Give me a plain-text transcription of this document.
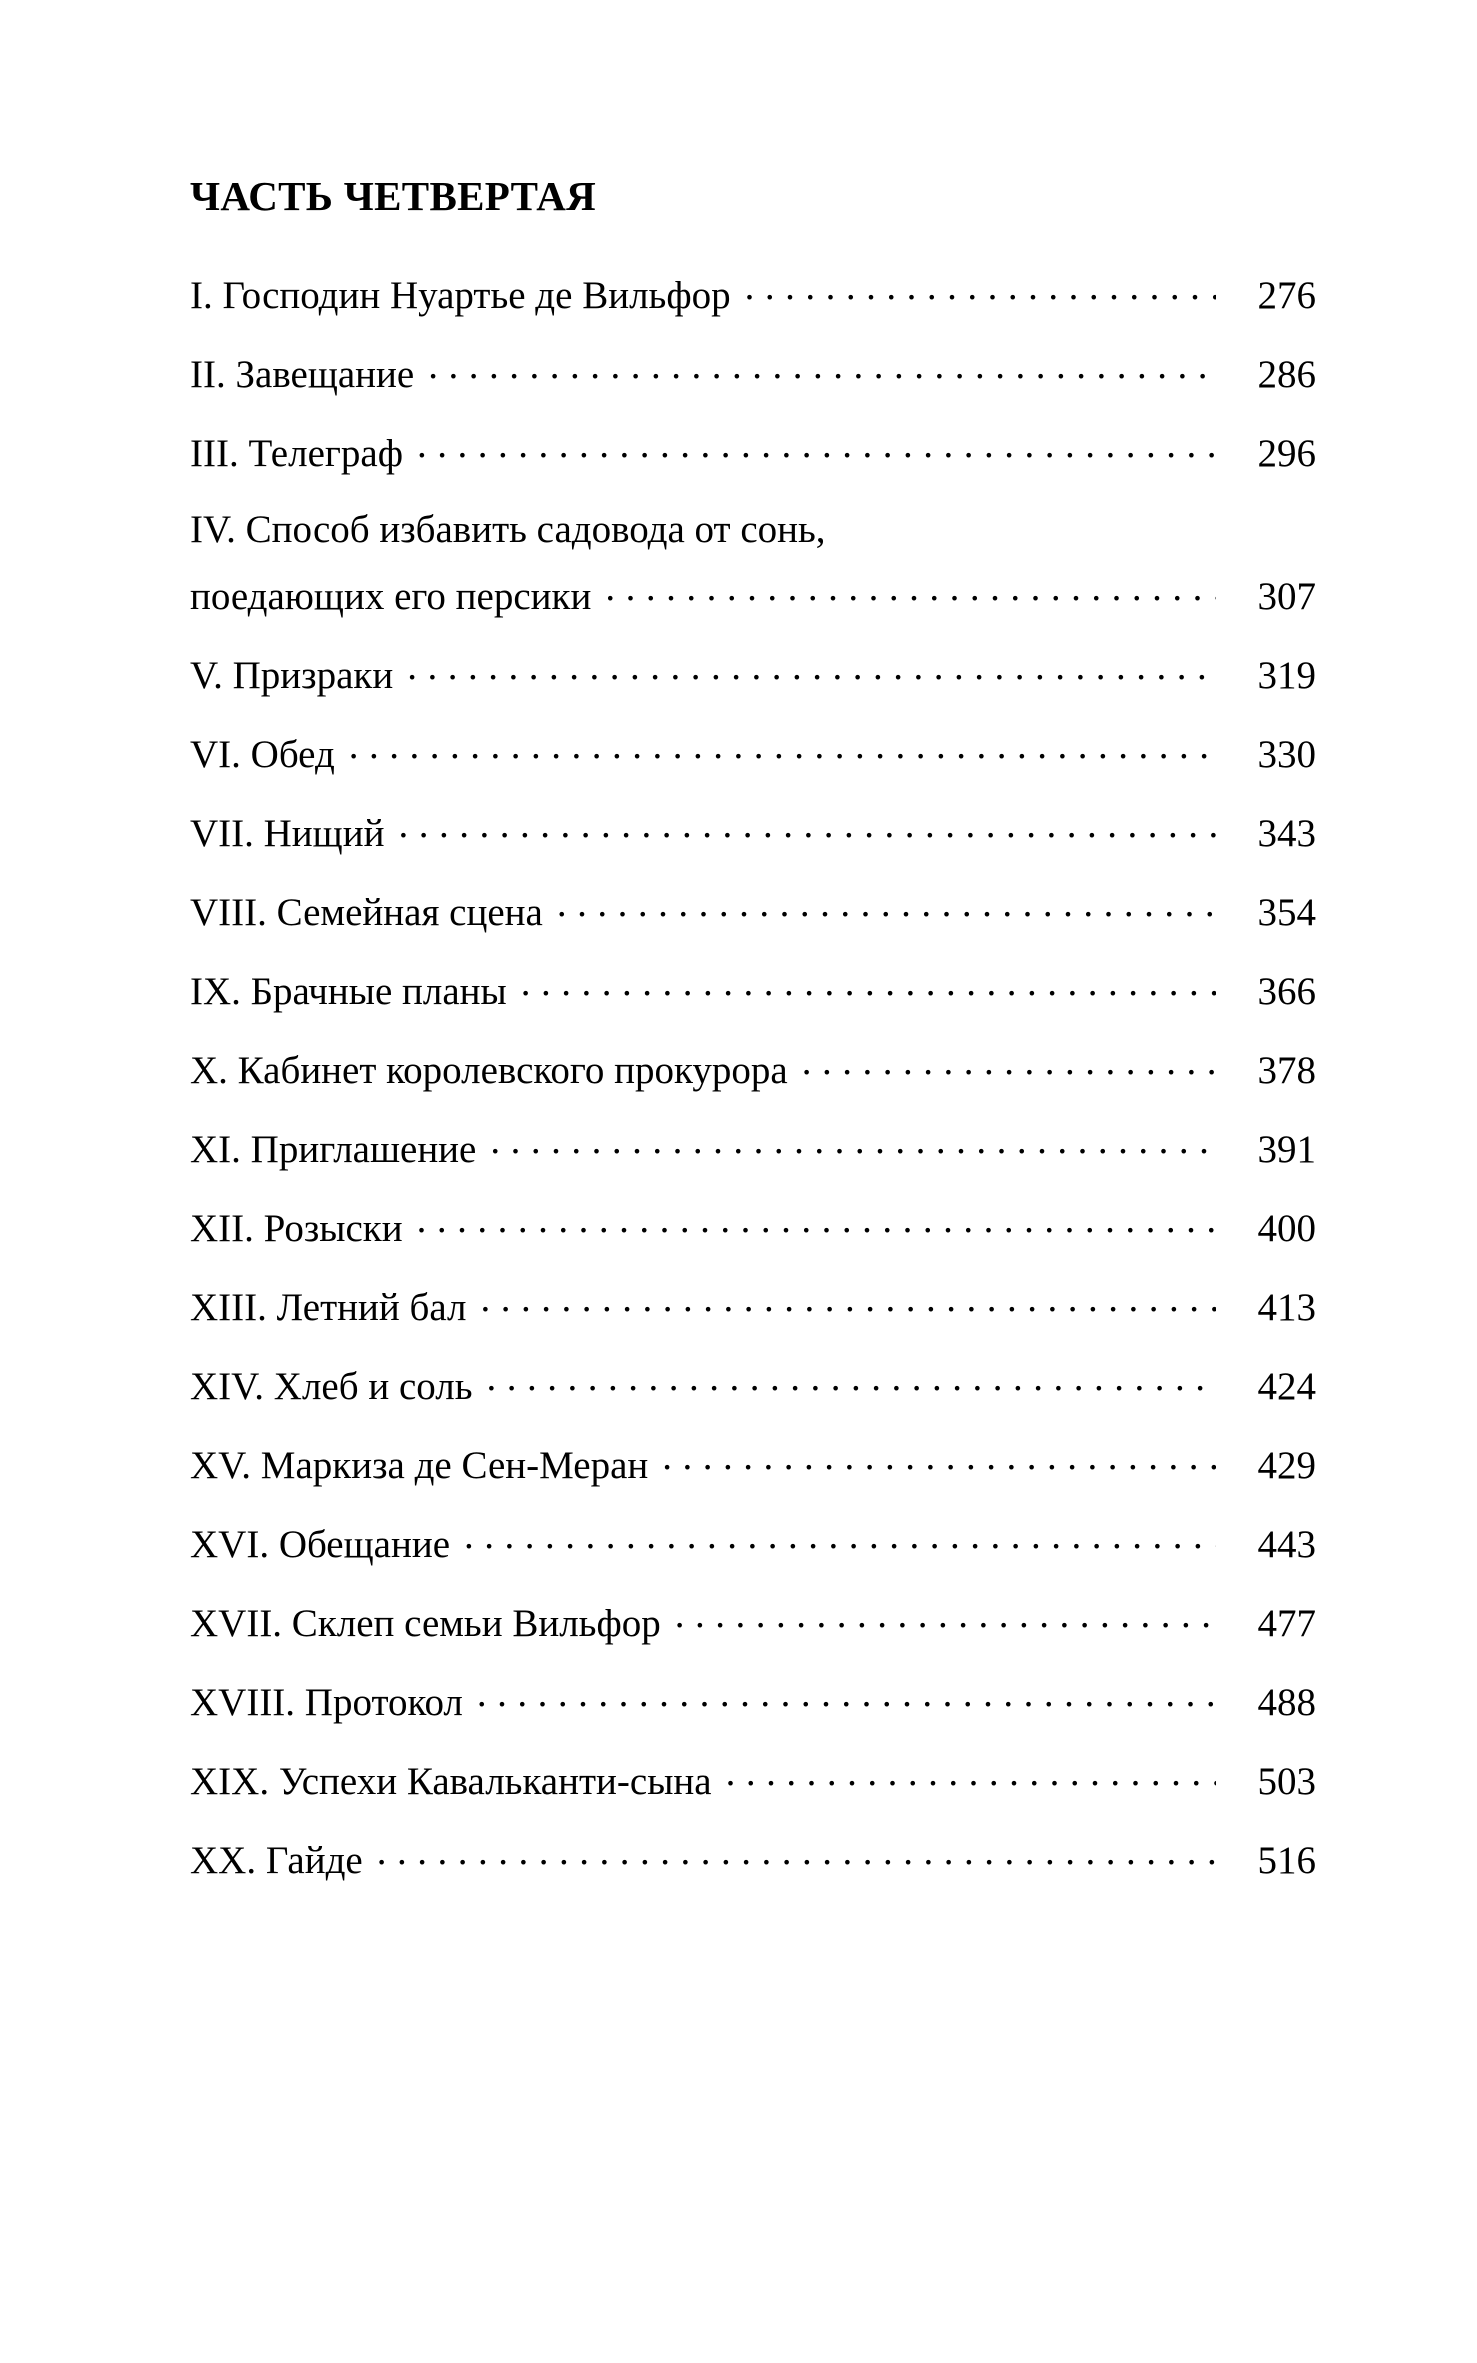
ЧАСТЬ ЧЕТВЕРТАЯ
I. Господин Нуартье де Вильфор .....	276
II. Завещание .....	286
III. Телеграф .....	296
IV. Способ избавить садовода от сонь,
поедающих его персики .....	307
V. Призраки .....	319
VI. Обед .....	330
VII. Нищий .....	343
VIII. Семейная сцена .....	354
IX. Брачные планы .....	366
X. Кабинет королевского прокурора .....	378
XI. Приглашение .....	391
XII. Розыски .....	400
XIII. Летний бал .....	413
XIV. Хлеб и соль .....	424
XV. Маркиза де Сен-Меран .....	429
XVI. Обещание .....	443
XVII. Склеп семьи Вильфор .....	477
XVIII. Протокол .....	488
XIX. Успехи Кавальканти-сына .....	503
XX. Гайде .....	516
